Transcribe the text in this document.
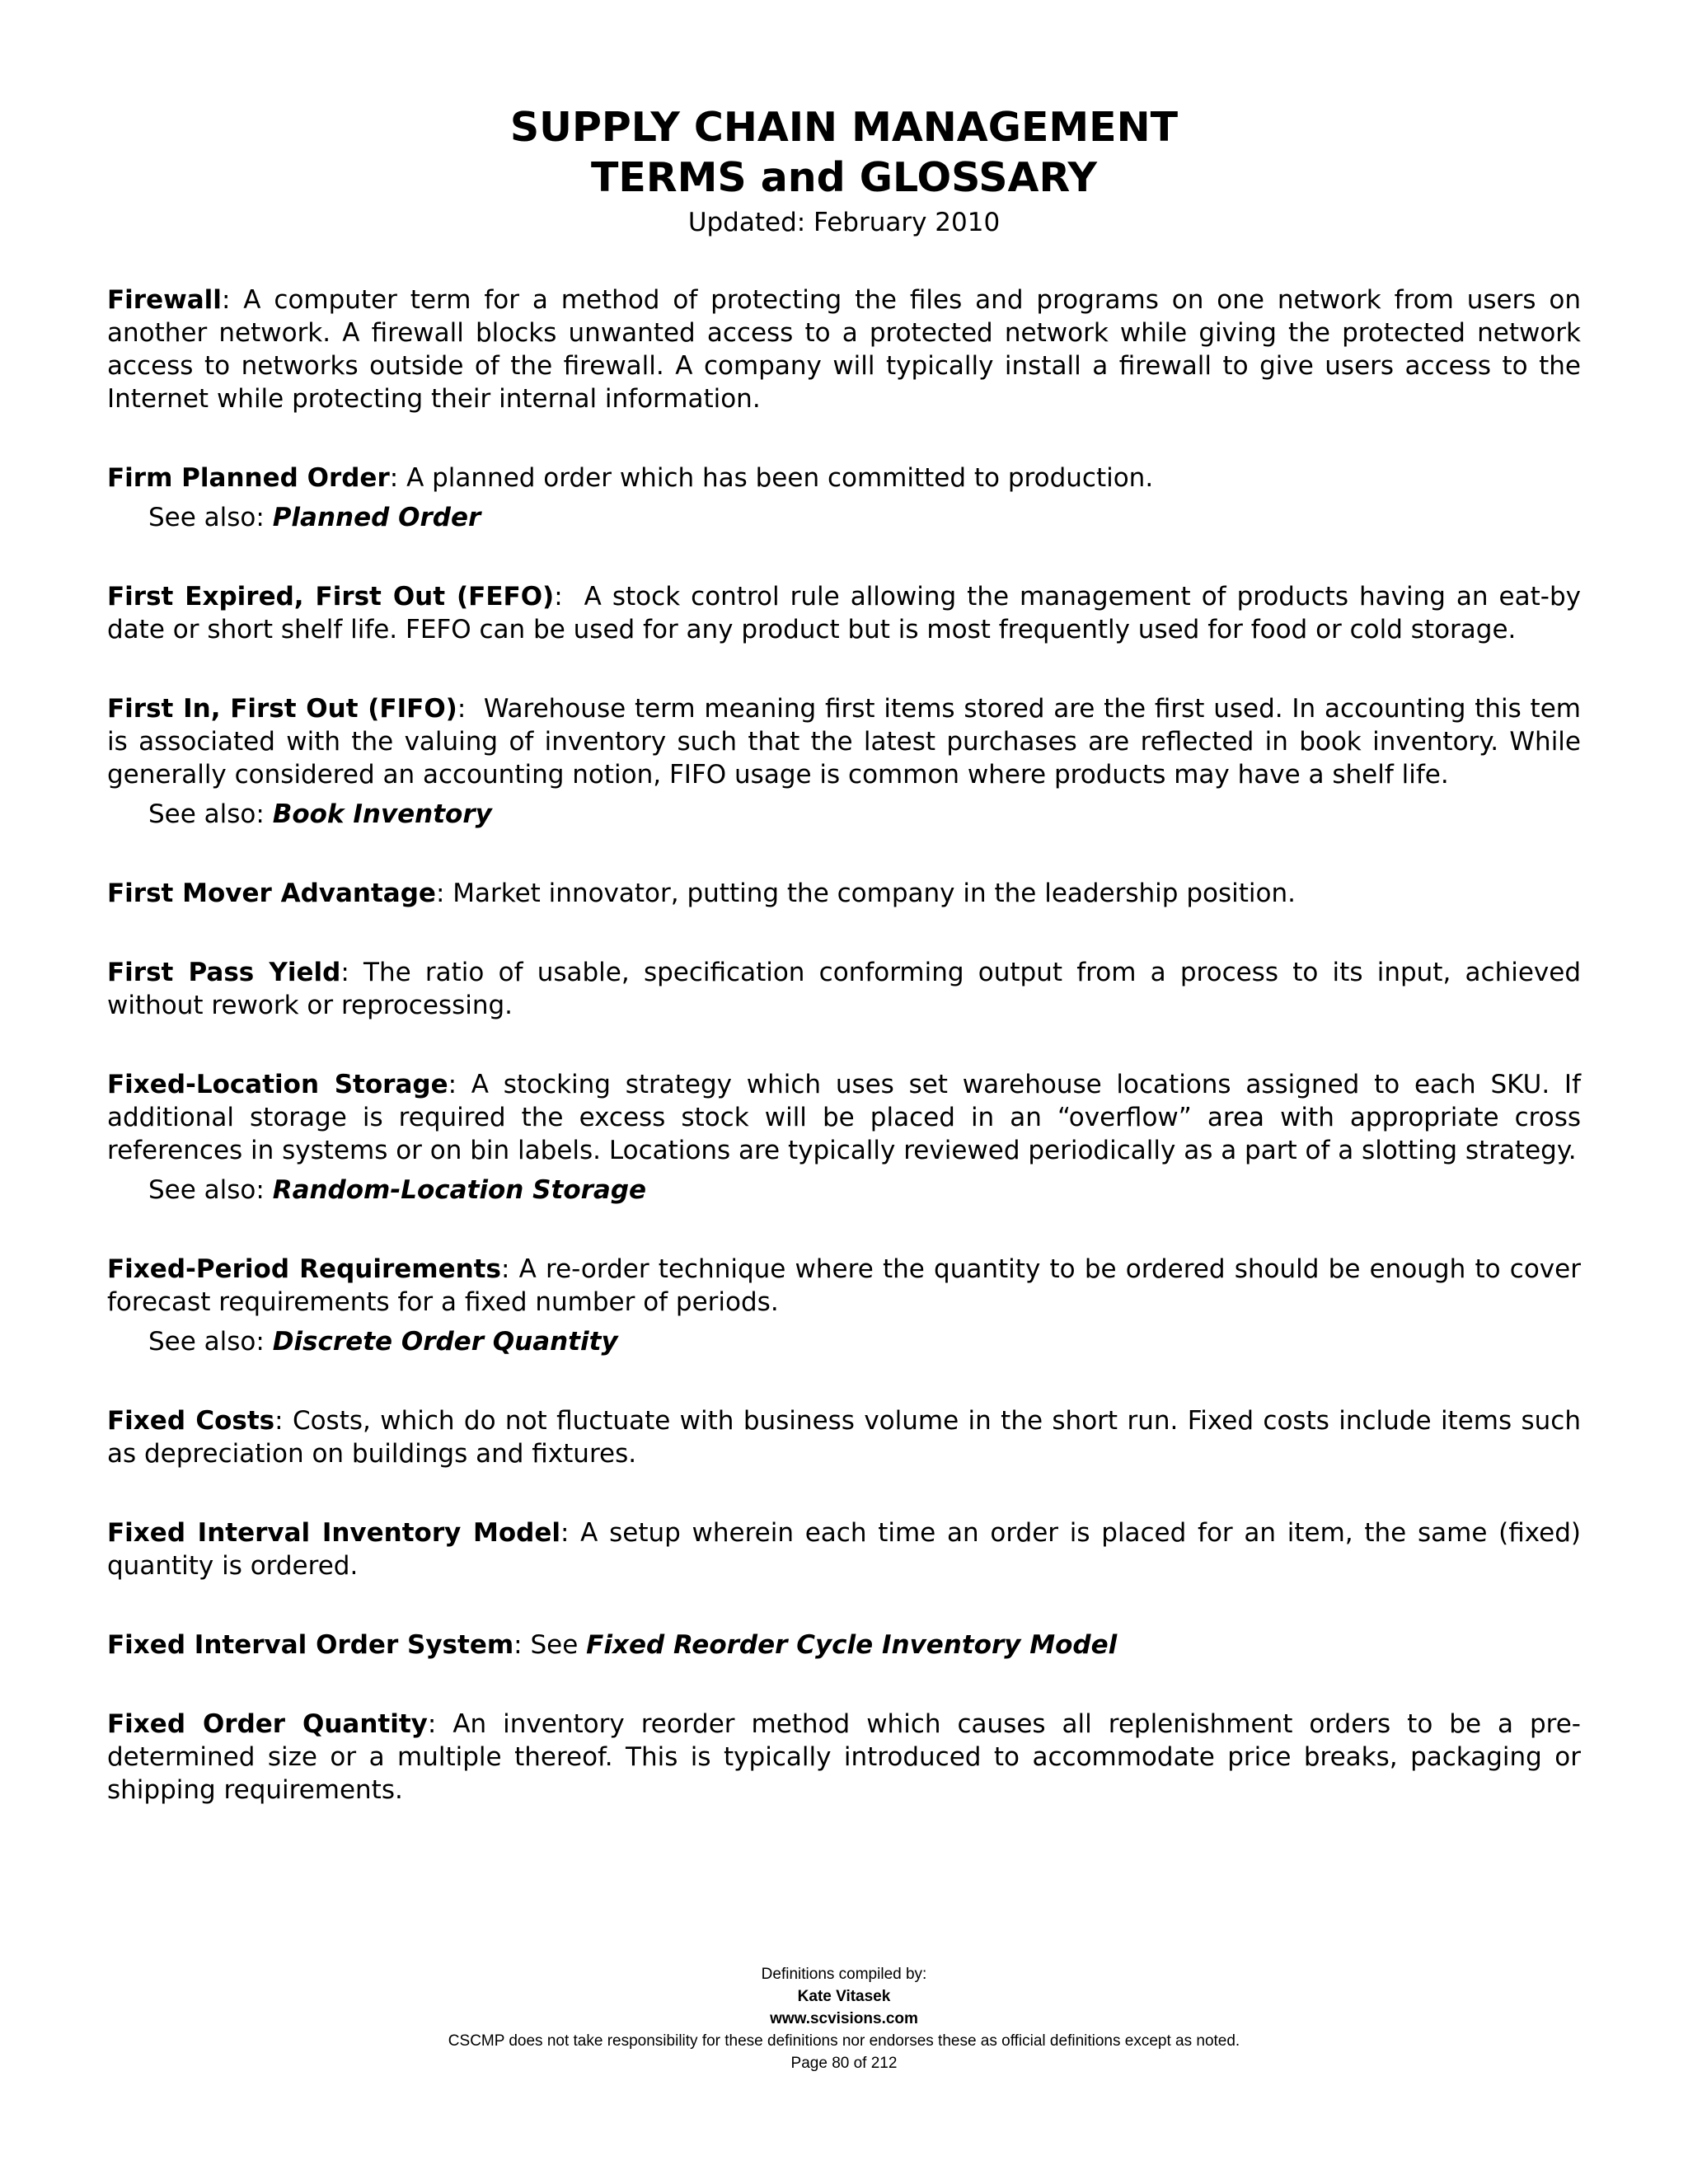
SUPPLY CHAIN MANAGEMENT
TERMS and GLOSSARY
Updated: February 2010
Firewall: A computer term for a method of protecting the files and programs on one network from users on another network. A firewall blocks unwanted access to a protected network while giving the protected network access to networks outside of the firewall. A company will typically install a firewall to give users access to the Internet while protecting their internal information.
Firm Planned Order: A planned order which has been committed to production.
See also: Planned Order
First Expired, First Out (FEFO):  A stock control rule allowing the management of products having an eat-by date or short shelf life. FEFO can be used for any product but is most frequently used for food or cold storage.
First In, First Out (FIFO):  Warehouse term meaning first items stored are the first used. In accounting this tem is associated with the valuing of inventory such that the latest purchases are reflected in book inventory. While generally considered an accounting notion, FIFO usage is common where products may have a shelf life.
See also: Book Inventory
First Mover Advantage: Market innovator, putting the company in the leadership position.
First Pass Yield: The ratio of usable, specification conforming output from a process to its input, achieved without rework or reprocessing.
Fixed-Location Storage: A stocking strategy which uses set warehouse locations assigned to each SKU. If additional storage is required the excess stock will be placed in an “overflow” area with appropriate cross references in systems or on bin labels. Locations are typically reviewed periodically as a part of a slotting strategy.
See also: Random-Location Storage
Fixed-Period Requirements: A re-order technique where the quantity to be ordered should be enough to cover forecast requirements for a fixed number of periods.
See also: Discrete Order Quantity
Fixed Costs: Costs, which do not fluctuate with business volume in the short run. Fixed costs include items such as depreciation on buildings and fixtures.
Fixed Interval Inventory Model: A setup wherein each time an order is placed for an item, the same (fixed) quantity is ordered.
Fixed Interval Order System: See Fixed Reorder Cycle Inventory Model
Fixed Order Quantity: An inventory reorder method which causes all replenishment orders to be a pre-determined size or a multiple thereof. This is typically introduced to accommodate price breaks, packaging or shipping requirements.
Definitions compiled by:
Kate Vitasek
www.scvisions.com
CSCMP does not take responsibility for these definitions nor endorses these as official definitions except as noted.
Page 80 of 212
